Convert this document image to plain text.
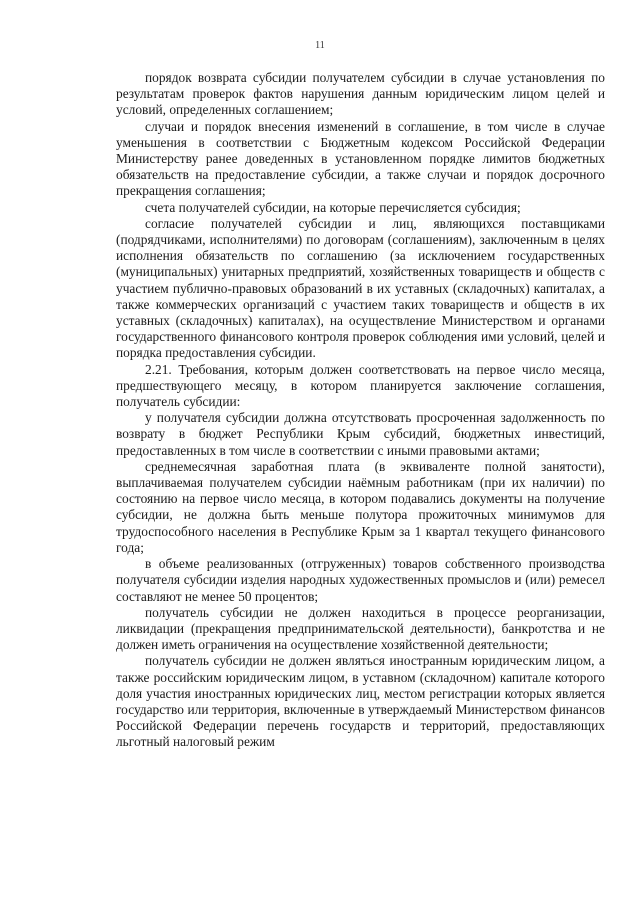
11

порядок возврата субсидии получателем субсидии в случае установления по результатам проверок фактов нарушения данным юридическим лицом целей и условий, определенных соглашением;

случаи и порядок внесения изменений в соглашение, в том числе в случае уменьшения в соответствии с Бюджетным кодексом Российской Федерации Министерству ранее доведенных в установленном порядке лимитов бюджетных обязательств на предоставление субсидии, а также случаи и порядок досрочного прекращения соглашения;

счета получателей субсидии, на которые перечисляется субсидия;

согласие получателей субсидии и лиц, являющихся поставщиками (подрядчиками, исполнителями) по договорам (соглашениям), заключенным в целях исполнения обязательств по соглашению (за исключением государственных (муниципальных) унитарных предприятий, хозяйственных товариществ и обществ с участием публично-правовых образований в их уставных (складочных) капиталах, а также коммерческих организаций с участием таких товариществ и обществ в их уставных (складочных) капиталах), на осуществление Министерством и органами государственного финансового контроля проверок соблюдения ими условий, целей и порядка предоставления субсидии.

2.21. Требования, которым должен соответствовать на первое число месяца, предшествующего месяцу, в котором планируется заключение соглашения, получатель субсидии:

у получателя субсидии должна отсутствовать просроченная задолженность по возврату в бюджет Республики Крым субсидий, бюджетных инвестиций, предоставленных в том числе в соответствии с иными правовыми актами;

среднемесячная заработная плата (в эквиваленте полной занятости), выплачиваемая получателем субсидии наёмным работникам (при их наличии) по состоянию на первое число месяца, в котором подавались документы на получение субсидии, не должна быть меньше полутора прожиточных минимумов для трудоспособного населения в Республике Крым за 1 квартал текущего финансового года;

в объеме реализованных (отгруженных) товаров собственного производства получателя субсидии изделия народных художественных промыслов и (или) ремесел составляют не менее 50 процентов;

получатель субсидии не должен находиться в процессе реорганизации, ликвидации (прекращения предпринимательской деятельности), банкротства и не должен иметь ограничения на осуществление хозяйственной деятельности;

получатель субсидии не должен являться иностранным юридическим лицом, а также российским юридическим лицом, в уставном (складочном) капитале которого доля участия иностранных юридических лиц, местом регистрации которых является государство или территория, включенные в утверждаемый Министерством финансов Российской Федерации перечень государств и территорий, предоставляющих льготный налоговый режим
